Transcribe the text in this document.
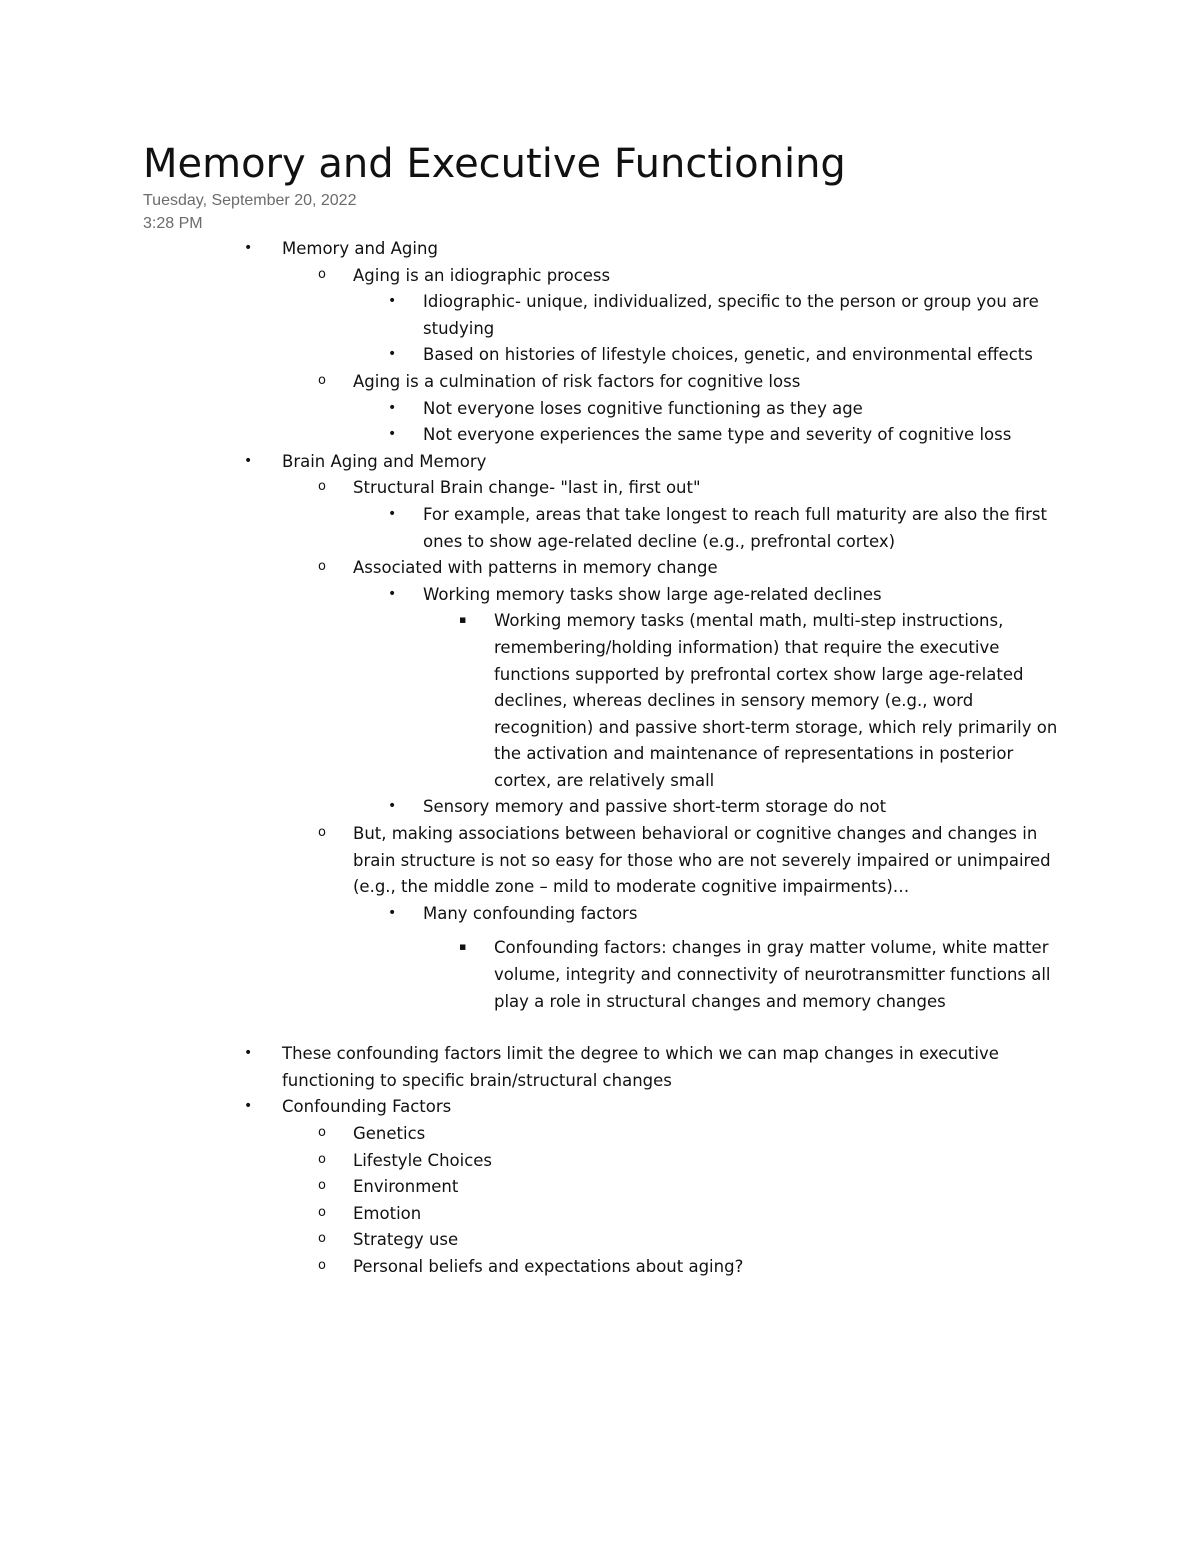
Memory and Executive Functioning
Tuesday, September 20, 2022
3:28 PM
• Memory and Aging
o Aging is an idiographic process
• Idiographic- unique, individualized, specific to the person or group you are studying
• Based on histories of lifestyle choices, genetic, and environmental effects
o Aging is a culmination of risk factors for cognitive loss
• Not everyone loses cognitive functioning as they age
• Not everyone experiences the same type and severity of cognitive loss
• Brain Aging and Memory
o Structural Brain change- "last in, first out"
• For example, areas that take longest to reach full maturity are also the first ones to show age-related decline (e.g., prefrontal cortex)
o Associated with patterns in memory change
• Working memory tasks show large age-related declines
▪ Working memory tasks (mental math, multi-step instructions, remembering/holding information) that require the executive functions supported by prefrontal cortex show large age-related declines, whereas declines in sensory memory (e.g., word recognition) and passive short-term storage, which rely primarily on the activation and maintenance of representations in posterior cortex, are relatively small
• Sensory memory and passive short-term storage do not
o But, making associations between behavioral or cognitive changes and changes in brain structure is not so easy for those who are not severely impaired or unimpaired (e.g., the middle zone – mild to moderate cognitive impairments)…
• Many confounding factors
▪ Confounding factors: changes in gray matter volume, white matter volume, integrity and connectivity of neurotransmitter functions all play a role in structural changes and memory changes
• These confounding factors limit the degree to which we can map changes in executive functioning to specific brain/structural changes
• Confounding Factors
o Genetics
o Lifestyle Choices
o Environment
o Emotion
o Strategy use
o Personal beliefs and expectations about aging?
